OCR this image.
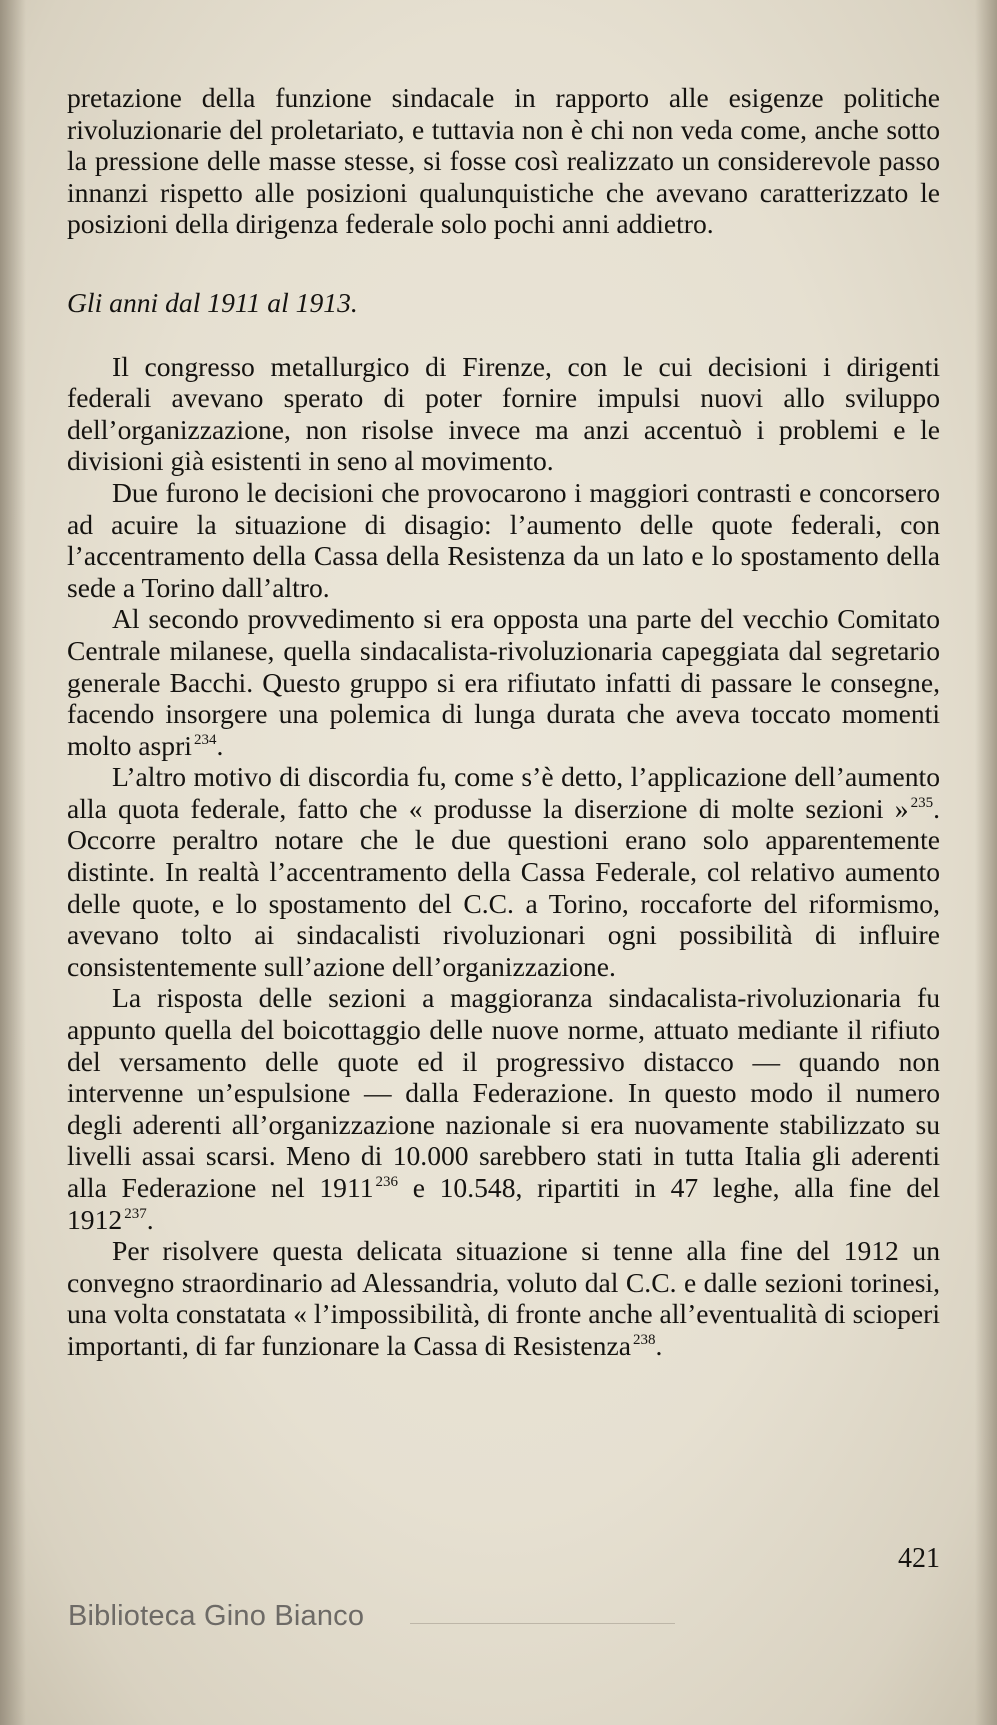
pretazione della funzione sindacale in rapporto alle esigenze politiche rivoluzionarie del proletariato, e tuttavia non è chi non veda come, anche sotto la pressione delle masse stesse, si fosse così realizzato un considerevole passo innanzi rispetto alle posizioni qualunquistiche che avevano caratterizzato le posizioni della dirigenza federale solo pochi anni addietro.

Gli anni dal 1911 al 1913.

Il congresso metallurgico di Firenze, con le cui decisioni i dirigenti federali avevano sperato di poter fornire impulsi nuovi allo sviluppo dell’organizzazione, non risolse invece ma anzi accentuò i problemi e le divisioni già esistenti in seno al movimento.

Due furono le decisioni che provocarono i maggiori contrasti e concorsero ad acuire la situazione di disagio: l’aumento delle quote federali, con l’accentramento della Cassa della Resistenza da un lato e lo spostamento della sede a Torino dall’altro.

Al secondo provvedimento si era opposta una parte del vecchio Comitato Centrale milanese, quella sindacalista-rivoluzionaria capeggiata dal segretario generale Bacchi. Questo gruppo si era rifiutato infatti di passare le consegne, facendo insorgere una polemica di lunga durata che aveva toccato momenti molto aspri $^{234}$.

L’altro motivo di discordia fu, come s’è detto, l’applicazione dell’aumento alla quota federale, fatto che « produsse la diserzione di molte sezioni » $^{235}$. Occorre peraltro notare che le due questioni erano solo apparentemente distinte. In realtà l’accentramento della Cassa Federale, col relativo aumento delle quote, e lo spostamento del C.C. a Torino, roccaforte del riformismo, avevano tolto ai sindacalisti rivoluzionari ogni possibilità di influire consistentemente sull’azione dell’organizzazione.

La risposta delle sezioni a maggioranza sindacalista-rivoluzionaria fu appunto quella del boicottaggio delle nuove norme, attuato mediante il rifiuto del versamento delle quote ed il progressivo distacco — quando non intervenne un’espulsione — dalla Federazione. In questo modo il numero degli aderenti all’organizzazione nazionale si era nuovamente stabilizzato su livelli assai scarsi. Meno di 10.000 sarebbero stati in tutta Italia gli aderenti alla Federazione nel 1911 $^{236}$ e 10.548, ripartiti in 47 leghe, alla fine del 1912 $^{237}$.

Per risolvere questa delicata situazione si tenne alla fine del 1912 un convegno straordinario ad Alessandria, voluto dal C.C. e dalle sezioni torinesi, una volta constatata « l’impossibilità, di fronte anche all’eventualità di scioperi importanti, di far funzionare la Cassa di Resistenza $^{238}$.

421
Biblioteca Gino Bianco
